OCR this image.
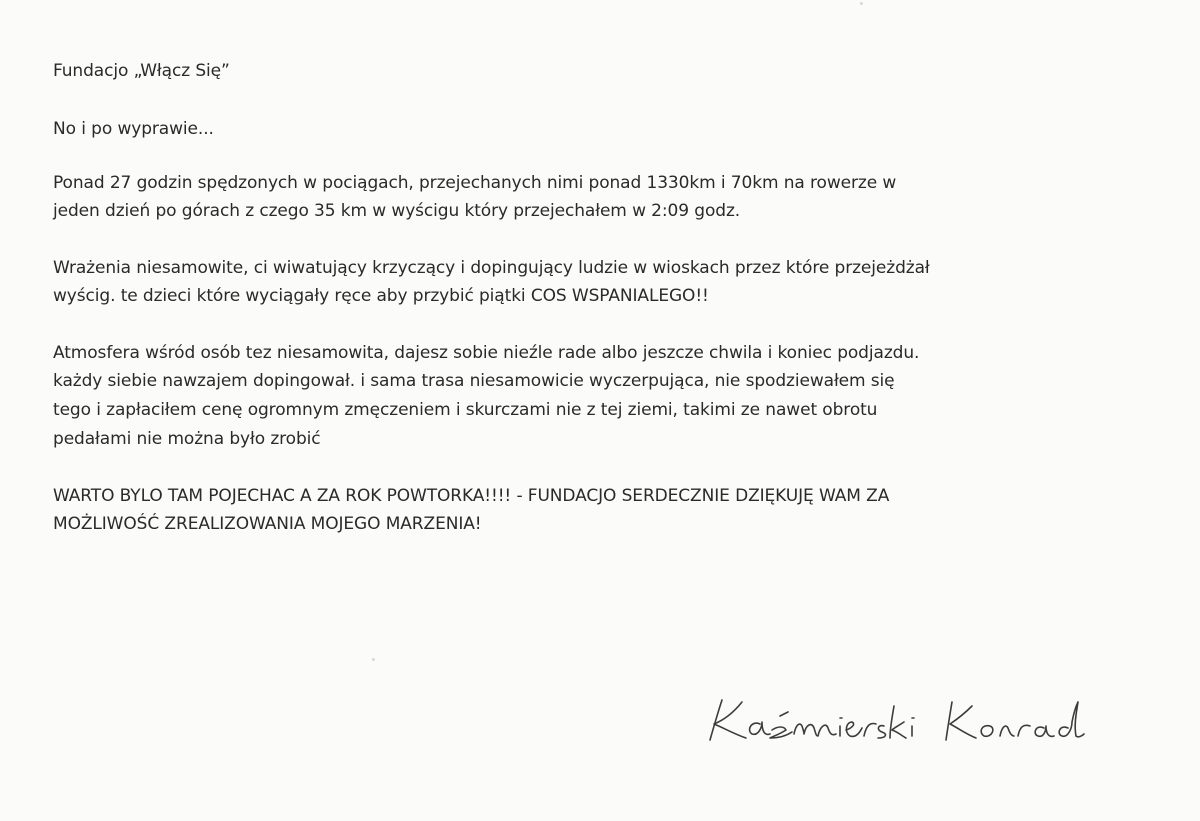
Fundacjo „Włącz Się”
No i po wyprawie...
Ponad 27 godzin spędzonych w pociągach, przejechanych nimi ponad 1330km i 70km na rowerze w
jeden dzień po górach z czego 35 km w wyścigu który przejechałem w 2:09 godz.
Wrażenia niesamowite, ci wiwatujący krzyczący i dopingujący ludzie w wioskach przez które przejeżdżał
wyścig. te dzieci które wyciągały ręce aby przybić piątki COS WSPANIALEGO!!
Atmosfera wśród osób tez niesamowita, dajesz sobie nieźle rade albo jeszcze chwila i koniec podjazdu.
każdy siebie nawzajem dopingował. i sama trasa niesamowicie wyczerpująca, nie spodziewałem się
tego i zapłaciłem cenę ogromnym zmęczeniem i skurczami nie z tej ziemi, takimi ze nawet obrotu
pedałami nie można było zrobić
WARTO BYLO TAM POJECHAC A ZA ROK POWTORKA!!!! - FUNDACJO SERDECZNIE DZIĘKUJĘ WAM ZA
MOŻLIWOŚĆ ZREALIZOWANIA MOJEGO MARZENIA!
